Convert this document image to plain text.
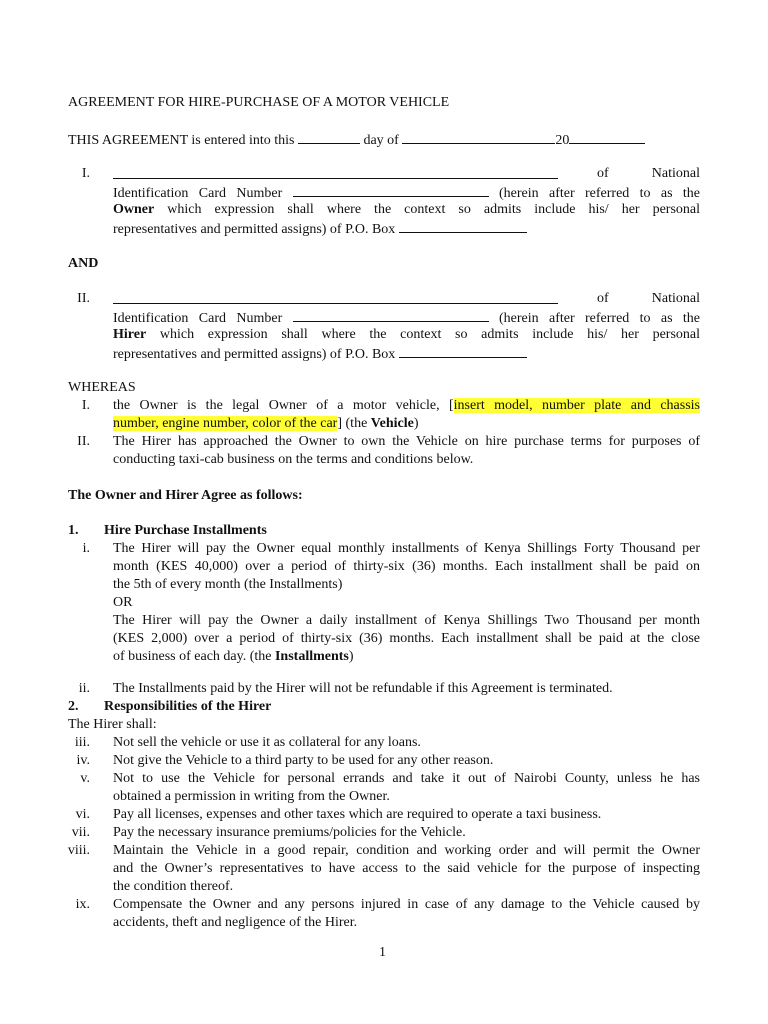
AGREEMENT FOR HIRE-PURCHASE OF A MOTOR VEHICLE
THIS AGREEMENT is entered into this	day of	20
I.	of National
Identification Card Number	(herein after referred to as the
Owner which expression shall where the context so admits include his/ her personal
representatives and permitted assigns) of P.O. Box
AND
II.	of National
Identification Card Number	(herein after referred to as the
Hirer which expression shall where the context so admits include his/ her personal
representatives and permitted assigns) of P.O. Box
WHEREAS
I. the Owner is the legal Owner of a motor vehicle, [insert model, number plate and chassis
number, engine number, color of the car] (the Vehicle)
II. The Hirer has approached the Owner to own the Vehicle on hire purchase terms for purposes of
conducting taxi-cab business on the terms and conditions below.
The Owner and Hirer Agree as follows:
1. Hire Purchase Installments
i. The Hirer will pay the Owner equal monthly installments of Kenya Shillings Forty Thousand per
month (KES 40,000) over a period of thirty-six (36) months. Each installment shall be paid on
the 5th of every month (the Installments)
OR
The Hirer will pay the Owner a daily installment of Kenya Shillings Two Thousand per month
(KES 2,000) over a period of thirty-six (36) months. Each installment shall be paid at the close
of business of each day. (the Installments)
ii. The Installments paid by the Hirer will not be refundable if this Agreement is terminated.
2. Responsibilities of the Hirer
The Hirer shall:
iii. Not sell the vehicle or use it as collateral for any loans.
iv. Not give the Vehicle to a third party to be used for any other reason.
v. Not to use the Vehicle for personal errands and take it out of Nairobi County, unless he has
obtained a permission in writing from the Owner.
vi. Pay all licenses, expenses and other taxes which are required to operate a taxi business.
vii. Pay the necessary insurance premiums/policies for the Vehicle.
viii. Maintain the Vehicle in a good repair, condition and working order and will permit the Owner
and the Owner’s representatives to have access to the said vehicle for the purpose of inspecting
the condition thereof.
ix. Compensate the Owner and any persons injured in case of any damage to the Vehicle caused by
accidents, theft and negligence of the Hirer.
1
